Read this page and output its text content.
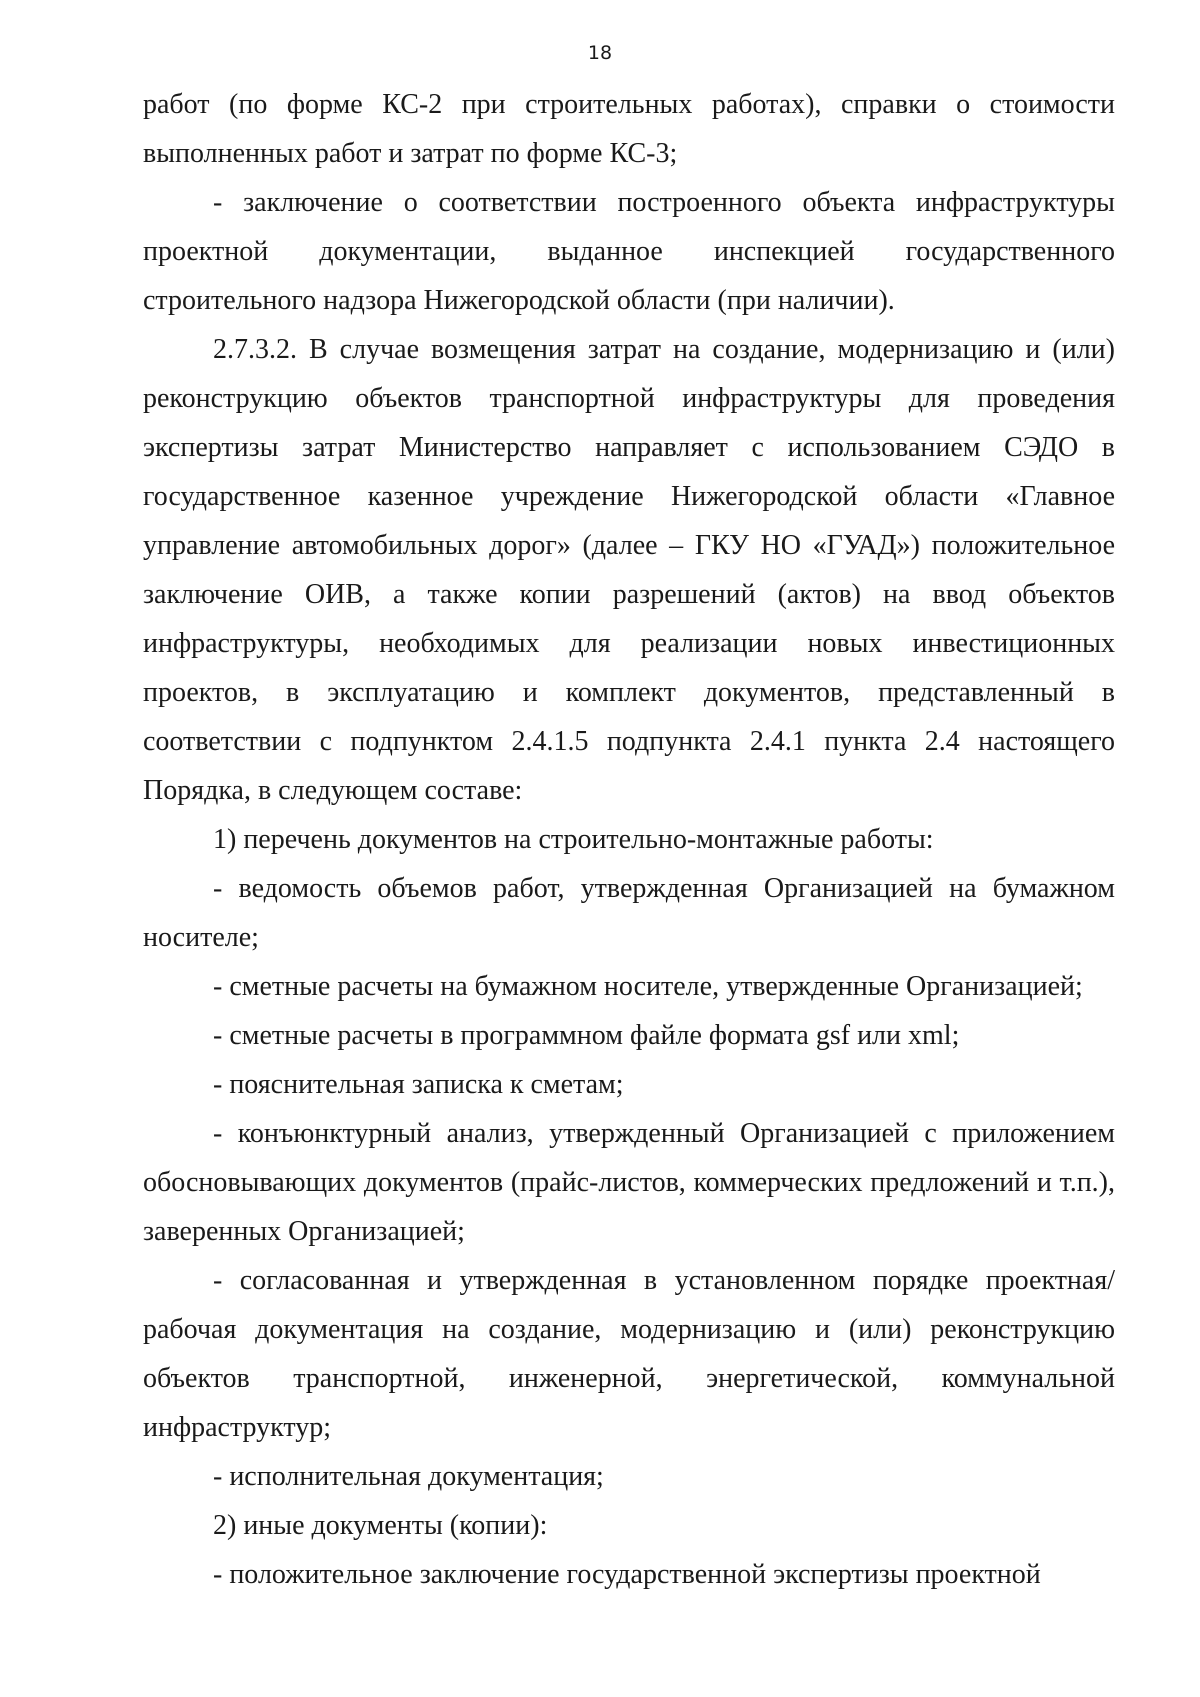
18

работ (по форме КС-2 при строительных работах), справки о стоимости выполненных работ и затрат по форме КС-3;

- заключение о соответствии построенного объекта инфраструктуры проектной документации, выданное инспекцией государственного строительного надзора Нижегородской области (при наличии).

2.7.3.2. В случае возмещения затрат на создание, модернизацию и (или) реконструкцию объектов транспортной инфраструктуры для проведения экспертизы затрат Министерство направляет с использованием СЭДО в государственное казенное учреждение Нижегородской области «Главное управление автомобильных дорог» (далее – ГКУ НО «ГУАД») положительное заключение ОИВ, а также копии разрешений (актов) на ввод объектов инфраструктуры, необходимых для реализации новых инвестиционных проектов, в эксплуатацию и комплект документов, представленный в соответствии с подпунктом 2.4.1.5 подпункта 2.4.1 пункта 2.4 настоящего Порядка, в следующем составе:

1) перечень документов на строительно-монтажные работы:

- ведомость объемов работ, утвержденная Организацией на бумажном носителе;

- сметные расчеты на бумажном носителе, утвержденные Организацией;

- сметные расчеты в программном файле формата gsf или xml;

- пояснительная записка к сметам;

- конъюнктурный анализ, утвержденный Организацией с приложением обосновывающих документов (прайс-листов, коммерческих предложений и т.п.), заверенных Организацией;

- согласованная и утвержденная в установленном порядке проектная/рабочая документация на создание, модернизацию и (или) реконструкцию объектов транспортной, инженерной, энергетической, коммунальной инфраструктур;

- исполнительная документация;

2) иные документы (копии):

- положительное заключение государственной экспертизы проектной
